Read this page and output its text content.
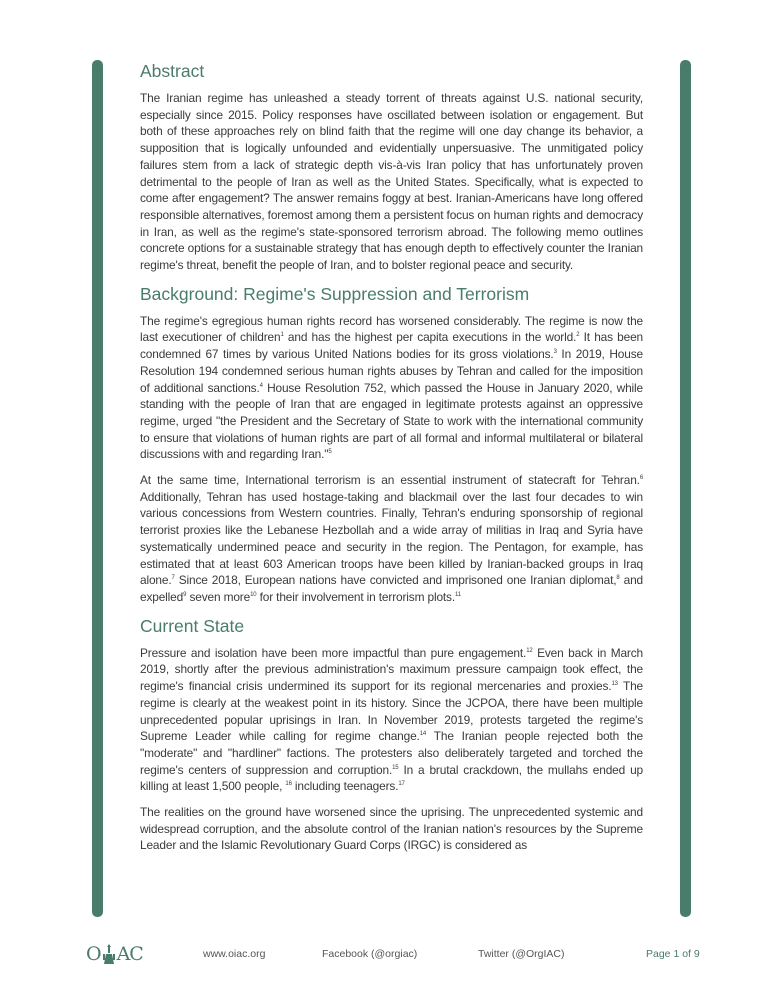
Abstract

The Iranian regime has unleashed a steady torrent of threats against U.S. national security, especially since 2015. Policy responses have oscillated between isolation or engagement. But both of these approaches rely on blind faith that the regime will one day change its behavior, a supposition that is logically unfounded and evidentially unpersuasive. The unmitigated policy failures stem from a lack of strategic depth vis-à-vis Iran policy that has unfortunately proven detrimental to the people of Iran as well as the United States. Specifically, what is expected to come after engagement? The answer remains foggy at best. Iranian-Americans have long offered responsible alternatives, foremost among them a persistent focus on human rights and democracy in Iran, as well as the regime's state-sponsored terrorism abroad. The following memo outlines concrete options for a sustainable strategy that has enough depth to effectively counter the Iranian regime's threat, benefit the people of Iran, and to bolster regional peace and security.

Background: Regime's Suppression and Terrorism

The regime's egregious human rights record has worsened considerably. The regime is now the last executioner of children$^1$ and has the highest per capita executions in the world.$^2$ It has been condemned 67 times by various United Nations bodies for its gross violations.$^3$ In 2019, House Resolution 194 condemned serious human rights abuses by Tehran and called for the imposition of additional sanctions.$^4$ House Resolution 752, which passed the House in January 2020, while standing with the people of Iran that are engaged in legitimate protests against an oppressive regime, urged "the President and the Secretary of State to work with the international community to ensure that violations of human rights are part of all formal and informal multilateral or bilateral discussions with and regarding Iran."$^5$

At the same time, International terrorism is an essential instrument of statecraft for Tehran.$^6$ Additionally, Tehran has used hostage-taking and blackmail over the last four decades to win various concessions from Western countries. Finally, Tehran's enduring sponsorship of regional terrorist proxies like the Lebanese Hezbollah and a wide array of militias in Iraq and Syria have systematically undermined peace and security in the region. The Pentagon, for example, has estimated that at least 603 American troops have been killed by Iranian-backed groups in Iraq alone.$^7$ Since 2018, European nations have convicted and imprisoned one Iranian diplomat,$^8$ and expelled$^9$ seven more$^{10}$ for their involvement in terrorism plots.$^{11}$

Current State

Pressure and isolation have been more impactful than pure engagement.$^{12}$ Even back in March 2019, shortly after the previous administration's maximum pressure campaign took effect, the regime's financial crisis undermined its support for its regional mercenaries and proxies.$^{13}$ The regime is clearly at the weakest point in its history. Since the JCPOA, there have been multiple unprecedented popular uprisings in Iran. In November 2019, protests targeted the regime's Supreme Leader while calling for regime change.$^{14}$ The Iranian people rejected both the "moderate" and "hardliner" factions. The protesters also deliberately targeted and torched the regime's centers of suppression and corruption.$^{15}$ In a brutal crackdown, the mullahs ended up killing at least 1,500 people, $^{16}$ including teenagers.$^{17}$

The realities on the ground have worsened since the uprising. The unprecedented systemic and widespread corruption, and the absolute control of the Iranian nation's resources by the Supreme Leader and the Islamic Revolutionary Guard Corps (IRGC) is considered as

O AC	www.oiac.org	Facebook (@orgiac)	Twitter (@OrgIAC)	Page 1 of 9
